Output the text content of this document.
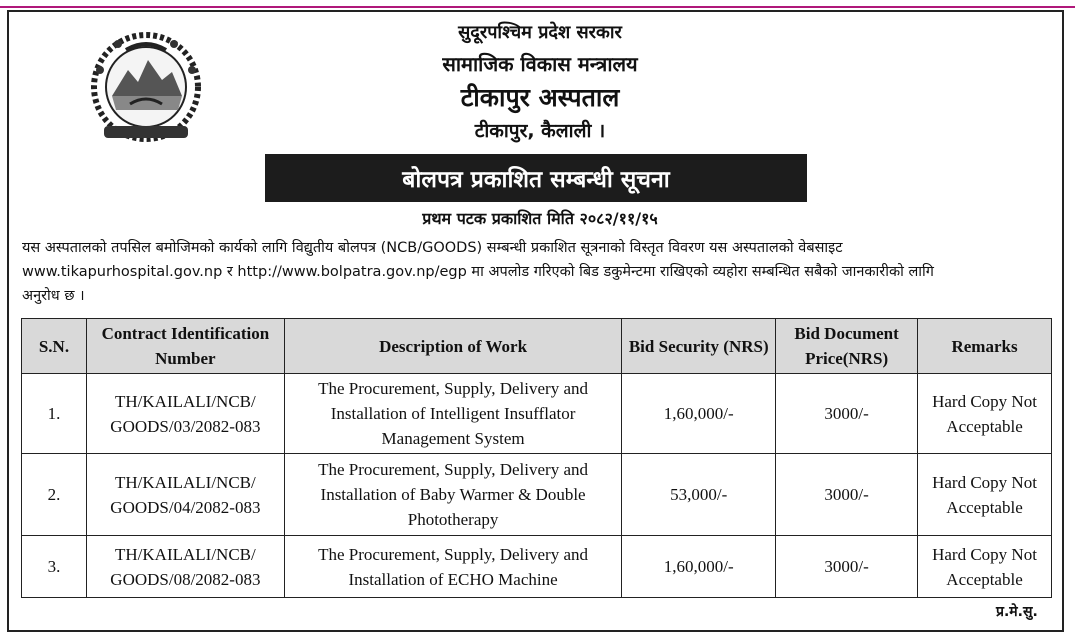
सुदूरपश्चिम प्रदेश सरकार
सामाजिक विकास मन्त्रालय
टीकापुर अस्पताल
टीकापुर, कैलाली ।
बोलपत्र प्रकाशित सम्बन्धी सूचना
प्रथम पटक प्रकाशित मिति २०८२/११/१५
यस अस्पतालको तपसिल बमोजिमको कार्यको लागि विद्युतीय बोलपत्र (NCB/GOODS) सम्बन्धी प्रकाशित सूत्रनाको विस्तृत विवरण यस अस्पतालको वेबसाइट
www.tikapurhospital.gov.np र http://www.bolpatra.gov.np/egp मा अपलोड गरिएको बिड डकुमेन्टमा राखिएको व्यहोरा सम्बन्धित सबैको जानकारीको लागि
अनुरोध छ ।
S.N.	Contract Identification Number	Description of Work	Bid Security (NRS)	Bid Document Price(NRS)	Remarks
1.	TH/KAILALI/NCB/ GOODS/03/2082-083	The Procurement, Supply, Delivery and Installation of Intelligent Insufflator Management System	1,60,000/-	3000/-	Hard Copy Not Acceptable
2.	TH/KAILALI/NCB/ GOODS/04/2082-083	The Procurement, Supply, Delivery and Installation of Baby Warmer & Double Phototherapy	53,000/-	3000/-	Hard Copy Not Acceptable
3.	TH/KAILALI/NCB/ GOODS/08/2082-083	The Procurement, Supply, Delivery and Installation of ECHO Machine	1,60,000/-	3000/-	Hard Copy Not Acceptable
प्र.मे.सु.
